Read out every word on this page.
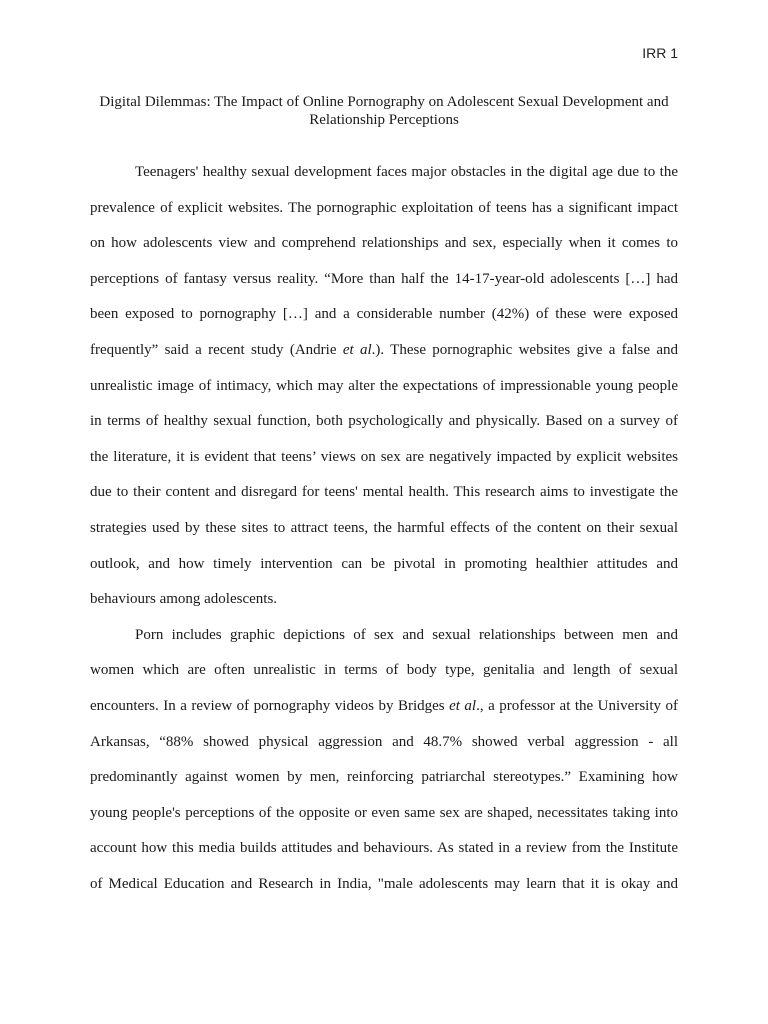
IRR 1
Digital Dilemmas: The Impact of Online Pornography on Adolescent Sexual Development and
Relationship Perceptions
Teenagers' healthy sexual development faces major obstacles in the digital age due to the
prevalence of explicit websites. The pornographic exploitation of teens has a significant impact
on how adolescents view and comprehend relationships and sex, especially when it comes to
perceptions of fantasy versus reality. “More than half the 14-17-year-old adolescents […] had
been exposed to pornography […] and a considerable number (42%) of these were exposed
frequently” said a recent study (Andrie et al.). These pornographic websites give a false and
unrealistic image of intimacy, which may alter the expectations of impressionable young people
in terms of healthy sexual function, both psychologically and physically. Based on a survey of
the literature, it is evident that teens’ views on sex are negatively impacted by explicit websites
due to their content and disregard for teens' mental health. This research aims to investigate the
strategies used by these sites to attract teens, the harmful effects of the content on their sexual
outlook, and how timely intervention can be pivotal in promoting healthier attitudes and
behaviours among adolescents.
Porn includes graphic depictions of sex and sexual relationships between men and
women which are often unrealistic in terms of body type, genitalia and length of sexual
encounters. In a review of pornography videos by Bridges et al., a professor at the University of
Arkansas, “88% showed physical aggression and 48.7% showed verbal aggression - all
predominantly against women by men, reinforcing patriarchal stereotypes.” Examining how
young people's perceptions of the opposite or even same sex are shaped, necessitates taking into
account how this media builds attitudes and behaviours. As stated in a review from the Institute
of Medical Education and Research in India, "male adolescents may learn that it is okay and
